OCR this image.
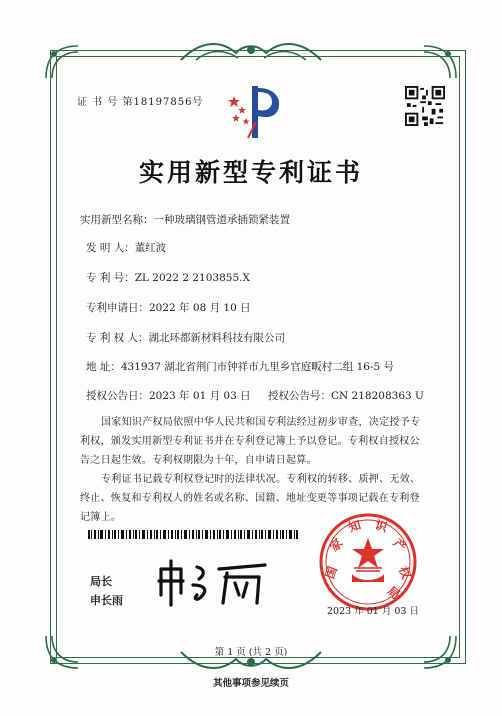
证 书 号 第18197856号
实用新型专利证书
实用新型名称：一种玻璃钢管道承插锁紧装置
发 明 人：董红波
专 利 号：ZL 2022 2 2103855.X
专利申请日：2022 年 08 月 10 日
专 利 权 人：湖北环都新材料科技有限公司
地 址：431937 湖北省荆门市钟祥市九里乡官庭畈村二组 16-5 号
授权公告日：2023 年 01 月 03 日 授权公告号：CN 218208363 U
国家知识产权局依照中华人民共和国专利法经过初步审查，决定授予专利权，颁发实用新型专利证书并在专利登记簿上予以登记。专利权自授权公告之日起生效。专利权期限为十年，自申请日起算。
专利证书记载专利权登记时的法律状况。专利权的转移、质押、无效、终止、恢复和专利权人的姓名或名称、国籍、地址变更等事项记载在专利登记簿上。
局长
申长雨
国
家
知 识
产
权
局
2023 年 01 月 03 日
第 1 页 (共 2 页)
其他事项参见续页
